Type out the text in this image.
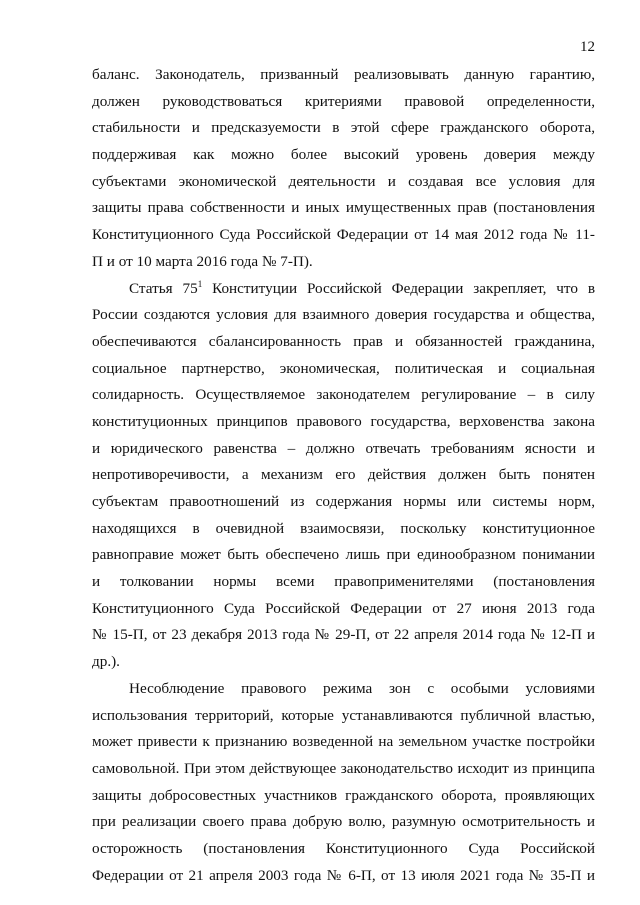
12
баланс. Законодатель, призванный реализовывать данную гарантию,
должен руководствоваться критериями правовой определенности,
стабильности и предсказуемости в этой сфере гражданского оборота,
поддерживая как можно более высокий уровень доверия между
субъектами экономической деятельности и создавая все условия для
защиты права собственности и иных имущественных прав (постановления
Конституционного Суда Российской Федерации от 14 мая 2012 года № 11-
П и от 10 марта 2016 года № 7-П).
Статья $75^1$ Конституции Российской Федерации закрепляет, что в
России создаются условия для взаимного доверия государства и общества,
обеспечиваются сбалансированность прав и обязанностей гражданина,
социальное партнерство, экономическая, политическая и социальная
солидарность. Осуществляемое законодателем регулирование – в силу
конституционных принципов правового государства, верховенства закона
и юридического равенства – должно отвечать требованиям ясности и
непротиворечивости, а механизм его действия должен быть понятен
субъектам правоотношений из содержания нормы или системы норм,
находящихся в очевидной взаимосвязи, поскольку конституционное
равноправие может быть обеспечено лишь при единообразном понимании
и толковании нормы всеми правоприменителями (постановления
Конституционного Суда Российской Федерации от 27 июня 2013 года
№ 15-П, от 23 декабря 2013 года № 29-П, от 22 апреля 2014 года № 12-П и
др.).
Несоблюдение правового режима зон с особыми условиями
использования территорий, которые устанавливаются публичной властью,
может привести к признанию возведенной на земельном участке постройки
самовольной. При этом действующее законодательство исходит из принципа
защиты добросовестных участников гражданского оборота, проявляющих
при реализации своего права добрую волю, разумную осмотрительность и
осторожность (постановления Конституционного Суда Российской
Федерации от 21 апреля 2003 года № 6-П, от 13 июля 2021 года № 35-П и
